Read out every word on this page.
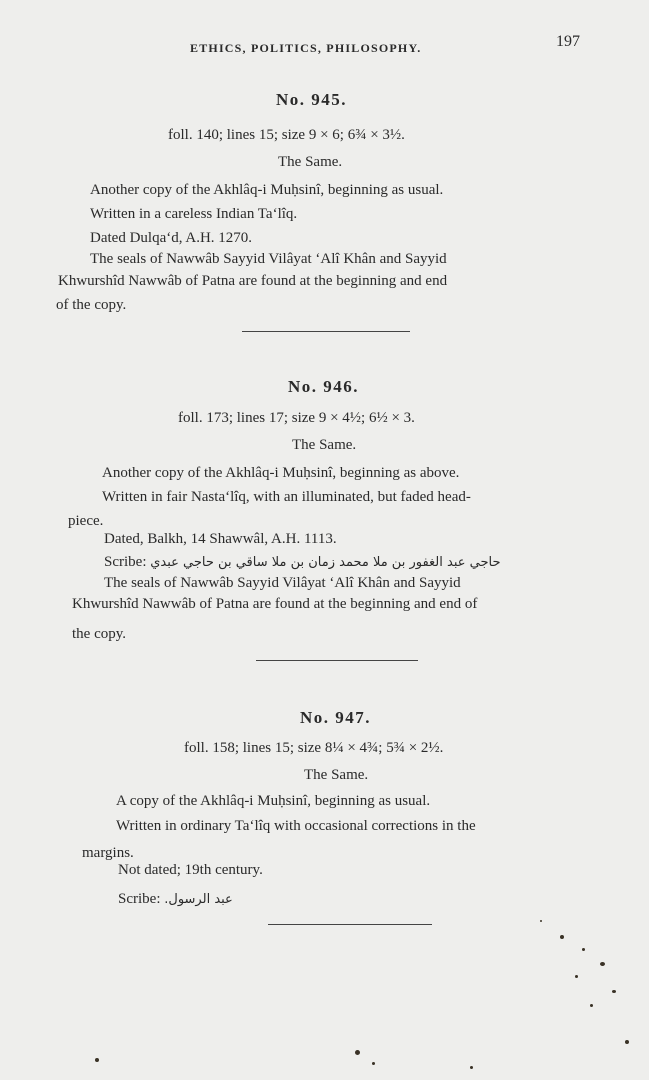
ETHICS, POLITICS, PHILOSOPHY.	197
No. 945.
foll. 140; lines 15; size 9 × 6; 6¾ × 3½.
The Same.
Another copy of the Akhlâq-i Muḥsinî, beginning as usual.
Written in a careless Indian Ta‘lîq.
Dated Dulqa‘d, A.H. 1270.
The seals of Nawwâb Sayyid Vilâyat ‘Alî Khân and Sayyid
Khwurshîd Nawwâb of Patna are found at the beginning and end
of the copy.
No. 946.
foll. 173; lines 17; size 9 × 4½; 6½ × 3.
The Same.
Another copy of the Akhlâq-i Muḥsinî, beginning as above.
Written in fair Nasta‘lîq, with an illuminated, but faded head-
piece.
Dated, Balkh, 14 Shawwâl, A.H. 1113.
Scribe: حاجي عبد الغفور بن ملا محمد زمان بن ملا ساقي بن حاجي عبدي
The seals of Nawwâb Sayyid Vilâyat ‘Alî Khân and Sayyid
Khwurshîd Nawwâb of Patna are found at the beginning and end of
the copy.
No. 947.
foll. 158; lines 15; size 8¼ × 4¾; 5¾ × 2½.
The Same.
A copy of the Akhlâq-i Muḥsinî, beginning as usual.
Written in ordinary Ta‘lîq with occasional corrections in the
margins.
Not dated; 19th century.
Scribe: عبد الرسول.
